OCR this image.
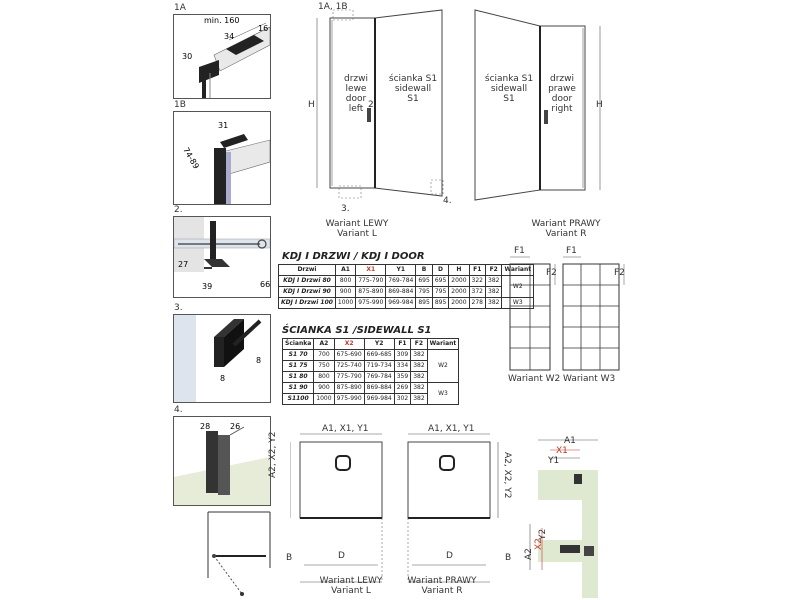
1A
min. 160
34
16
30
1B
31
74-89
2.
27
39	66
3.
8
8
4.
28 26
1A, 1B
2.
3.
4.
H	H
drzwi lewe
door left
ścianka S1
sidewall S1
ścianka S1
sidewall S1
drzwi prawe
door right
Wariant LEWY
Variant L
Wariant PRAWY
Variant R
KDJ I DRZWI / KDJ I DOOR
Drzwi	A1	X1	Y1	B	D	H	F1	F2	Wariant
KDJ I Drzwi 80	800	775-790	769-784	695	695	2000	322	382	W2
KDJ I Drzwi 90	900	875-890	869-884	795	795	2000	372	382	
KDJ I Drzwi 100	1000	975-990	969-984	895	895	2000	278	382	W3
ŚCIANKA S1 /SIDEWALL S1
Ścianka	A2	X2	Y2	F1	F2	Wariant
S1 70	700	675-690	669-685	309	382	W2
S1 75	750	725-740	719-734	334	382	
S1 80	800	775-790	769-784	359	382	
S1 90	900	875-890	869-884	269	382	W3
S1100	1000	975-990	969-984	302	382	
F1
F2
F1
F2
Wariant W2 Wariant W3
A1, X1, Y1	A1, X1, Y1
A2, X2, Y2	A2, X2, Y2
B	B
D	D
Wariant LEWY
Variant L
Wariant PRAWY
Variant R
A1
X1
Y1
Y2
X2
A2
